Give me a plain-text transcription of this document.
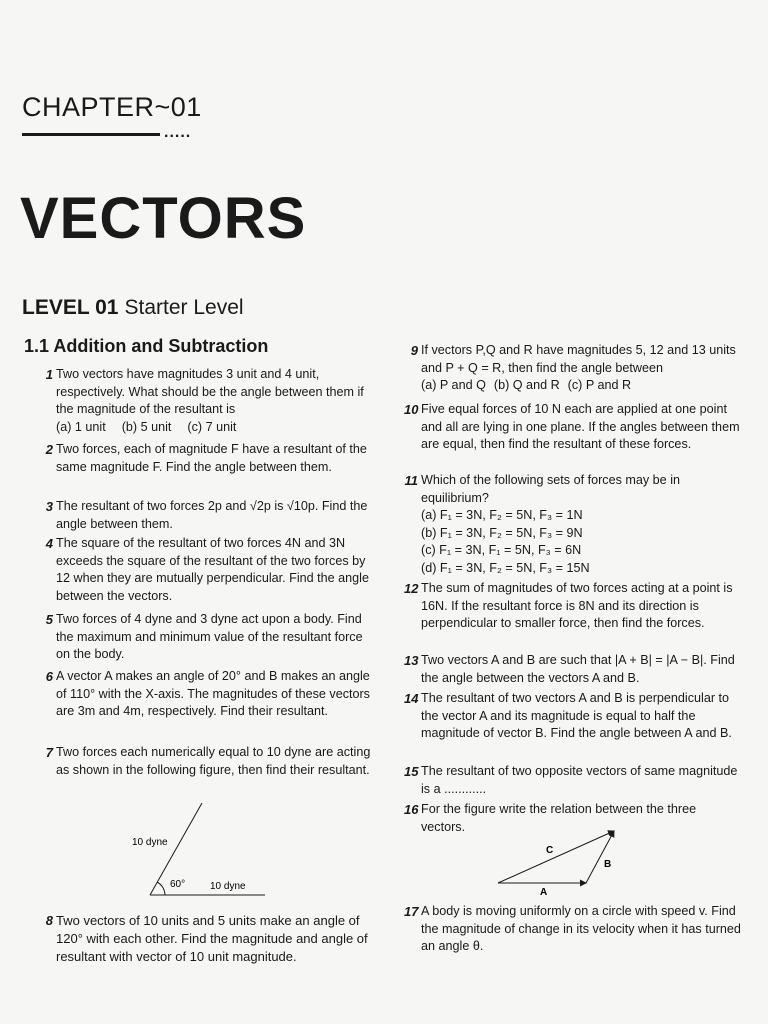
CHAPTER~01
.....
VECTORS
LEVEL 01 Starter Level
1.1 Addition and Subtraction
1 Two vectors have magnitudes 3 unit and 4 unit, respectively. What should be the angle between them if the magnitude of the resultant is
(a) 1 unit (b) 5 unit (c) 7 unit
2 Two forces, each of magnitude F have a resultant of the same magnitude F. Find the angle between them.
3 The resultant of two forces 2p and √2p is √10p. Find the angle between them.
4 The square of the resultant of two forces 4N and 3N exceeds the square of the resultant of the two forces by 12 when they are mutually perpendicular. Find the angle between the vectors.
5 Two forces of 4 dyne and 3 dyne act upon a body. Find the maximum and minimum value of the resultant force on the body.
6 A vector A makes an angle of 20° and B makes an angle of 110° with the X-axis. The magnitudes of these vectors are 3m and 4m, respectively. Find their resultant.
7 Two forces each numerically equal to 10 dyne are acting as shown in the following figure, then find their resultant.
10 dyne
60° 10 dyne
8 Two vectors of 10 units and 5 units make an angle of 120° with each other. Find the magnitude and angle of resultant with vector of 10 unit magnitude.
9 If vectors P,Q and R have magnitudes 5, 12 and 13 units and P + Q = R, then find the angle between
(a) P and Q (b) Q and R (c) P and R
10 Five equal forces of 10 N each are applied at one point and all are lying in one plane. If the angles between them are equal, then find the resultant of these forces.
11 Which of the following sets of forces may be in equilibrium?
(a) F₁ = 3N, F₂ = 5N, F₃ = 1N
(b) F₁ = 3N, F₂ = 5N, F₃ = 9N
(c) F₁ = 3N, F₁ = 5N, F₃ = 6N
(d) F₁ = 3N, F₂ = 5N, F₃ = 15N
12 The sum of magnitudes of two forces acting at a point is 16N. If the resultant force is 8N and its direction is perpendicular to smaller force, then find the forces.
13 Two vectors A and B are such that |A + B| = |A − B|. Find the angle between the vectors A and B.
14 The resultant of two vectors A and B is perpendicular to the vector A and its magnitude is equal to half the magnitude of vector B. Find the angle between A and B.
15 The resultant of two opposite vectors of same magnitude is a ............
16 For the figure write the relation between the three vectors.
C
B
A
17 A body is moving uniformly on a circle with speed v. Find the magnitude of change in its velocity when it has turned an angle θ.
